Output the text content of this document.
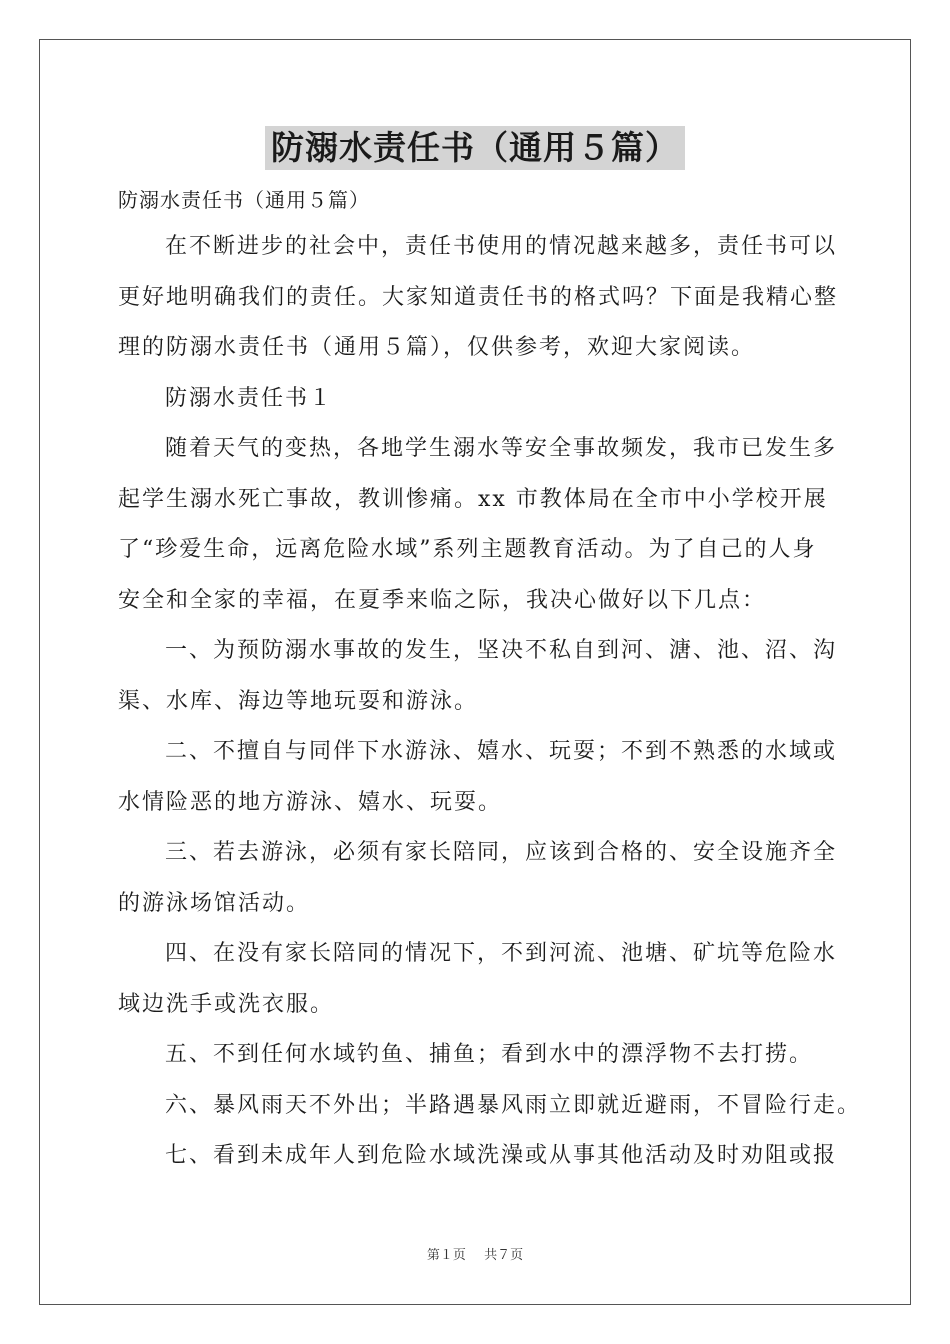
防溺水责任书（通用５篇）
防溺水责任书（通用５篇）
在不断进步的社会中，责任书使用的情况越来越多，责任书可以
更好地明确我们的责任。大家知道责任书的格式吗？下面是我精心整
理的防溺水责任书（通用５篇），仅供参考，欢迎大家阅读。
防溺水责任书１
随着天气的变热，各地学生溺水等安全事故频发，我市已发生多
起学生溺水死亡事故，教训惨痛。xx 市教体局在全市中小学校开展
了“珍爱生命，远离危险水域”系列主题教育活动。为了自己的人身
安全和全家的幸福，在夏季来临之际，我决心做好以下几点：
一、为预防溺水事故的发生，坚决不私自到河、溏、池、沼、沟
渠、水库、海边等地玩耍和游泳。
二、不擅自与同伴下水游泳、嬉水、玩耍；不到不熟悉的水域或
水情险恶的地方游泳、嬉水、玩耍。
三、若去游泳，必须有家长陪同，应该到合格的、安全设施齐全
的游泳场馆活动。
四、在没有家长陪同的情况下，不到河流、池塘、矿坑等危险水
域边洗手或洗衣服。
五、不到任何水域钓鱼、捕鱼；看到水中的漂浮物不去打捞。
六、暴风雨天不外出；半路遇暴风雨立即就近避雨，不冒险行走。
七、看到未成年人到危险水域洗澡或从事其他活动及时劝阻或报
第１页 共７页
